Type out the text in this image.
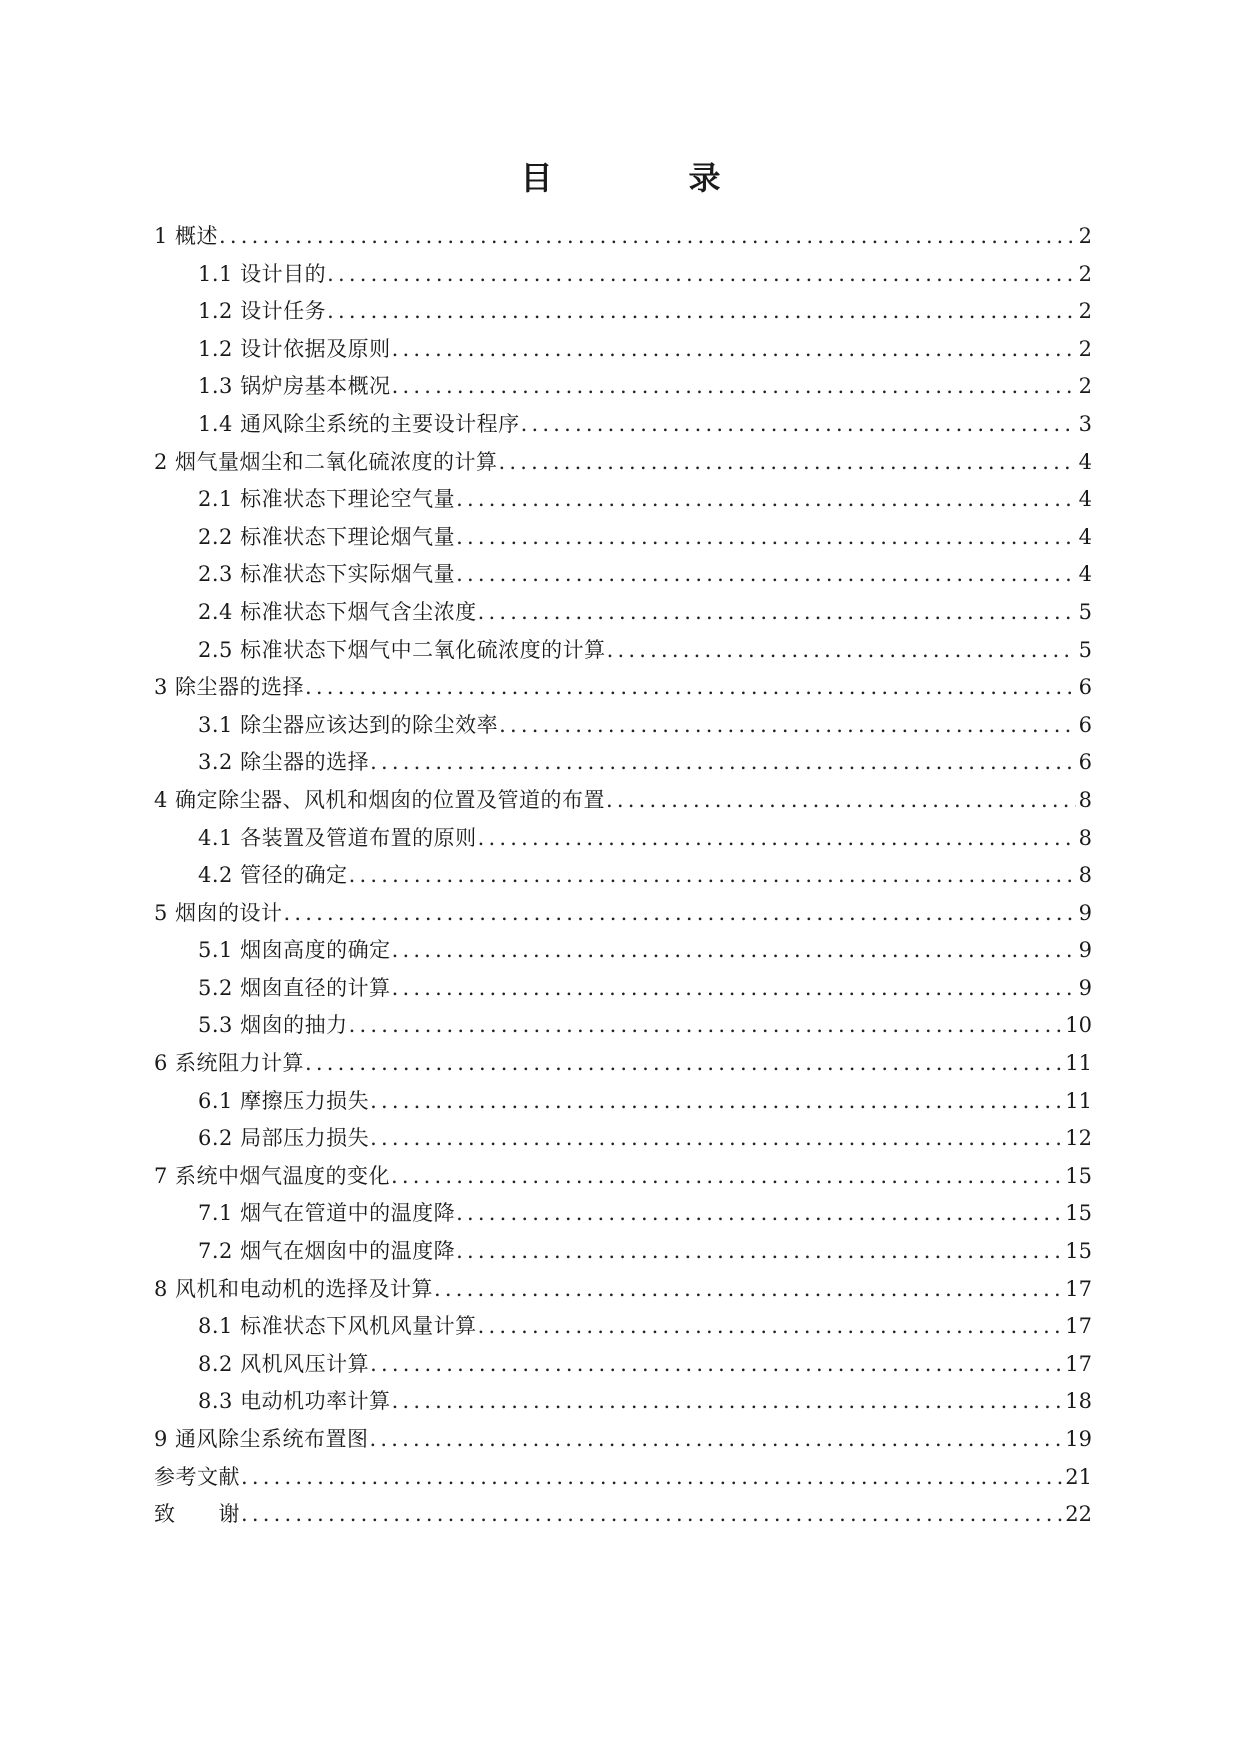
目　录
1 概述 .....	2
1.1 设计目的 .....	2
1.2 设计任务 .....	2
1.2 设计依据及原则 .....	2
1.3 锅炉房基本概况 .....	2
1.4 通风除尘系统的主要设计程序 .....	3
2 烟气量烟尘和二氧化硫浓度的计算 .....	4
2.1 标准状态下理论空气量 .....	4
2.2 标准状态下理论烟气量 .....	4
2.3 标准状态下实际烟气量 .....	4
2.4 标准状态下烟气含尘浓度 .....	5
2.5 标准状态下烟气中二氧化硫浓度的计算 .....	5
3 除尘器的选择 .....	6
3.1 除尘器应该达到的除尘效率 .....	6
3.2 除尘器的选择 .....	6
4 确定除尘器、风机和烟囱的位置及管道的布置 .....	8
4.1 各装置及管道布置的原则 .....	8
4.2 管径的确定 .....	8
5 烟囱的设计 .....	9
5.1 烟囱高度的确定 .....	9
5.2 烟囱直径的计算 .....	9
5.3 烟囱的抽力 .....	10
6 系统阻力计算 .....	11
6.1 摩擦压力损失 .....	11
6.2 局部压力损失 .....	12
7 系统中烟气温度的变化 .....	15
7.1 烟气在管道中的温度降 .....	15
7.2 烟气在烟囱中的温度降 .....	15
8 风机和电动机的选择及计算 .....	17
8.1 标准状态下风机风量计算 .....	17
8.2 风机风压计算 .....	17
8.3 电动机功率计算 .....	18
9 通风除尘系统布置图 .....	19
参考文献 .....	21
致　　谢 .....	22
